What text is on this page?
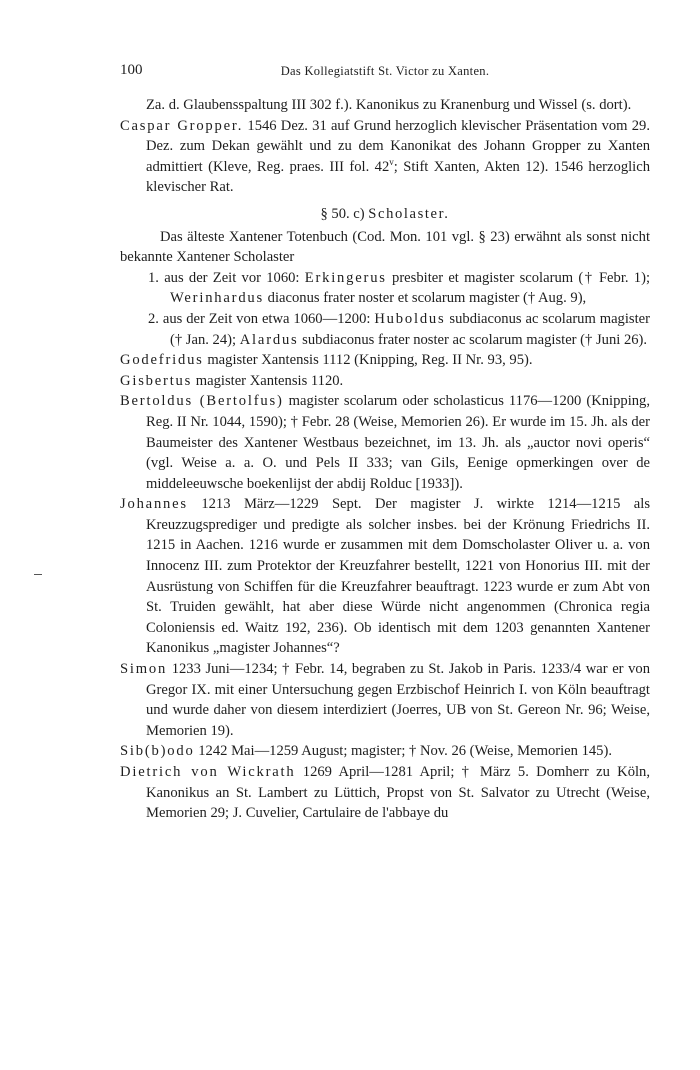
100	Das Kollegiatstift St. Victor zu Xanten.

Za. d. Glaubensspaltung III 302 f.). Kanonikus zu Kranenburg und Wissel (s. dort).

Caspar Gropper. 1546 Dez. 31 auf Grund herzoglich klevischer Präsentation vom 29. Dez. zum Dekan gewählt und zu dem Kanonikat des Johann Gropper zu Xanten admittiert (Kleve, Reg. praes. III fol. 42$^v$; Stift Xanten, Akten 12). 1546 herzoglich klevischer Rat.

§ 50. c) Scholaster.

Das älteste Xantener Totenbuch (Cod. Mon. 101 vgl. § 23) erwähnt als sonst nicht bekannte Xantener Scholaster

1. aus der Zeit vor 1060: Erkingerus presbiter et magister scolarum († Febr. 1); Werinhardus diaconus frater noster et scolarum magister († Aug. 9),

2. aus der Zeit von etwa 1060—1200: Huboldus subdiaconus ac scolarum magister († Jan. 24); Alardus subdiaconus frater noster ac scolarum magister († Juni 26).

Godefridus magister Xantensis 1112 (Knipping, Reg. II Nr. 93, 95).

Gisbertus magister Xantensis 1120.

Bertoldus (Bertolfus) magister scolarum oder scholasticus 1176—1200 (Knipping, Reg. II Nr. 1044, 1590); † Febr. 28 (Weise, Memorien 26). Er wurde im 15. Jh. als der Baumeister des Xantener Westbaus bezeichnet, im 13. Jh. als „auctor novi operis“ (vgl. Weise a. a. O. und Pels II 333; van Gils, Eenige opmerkingen over de middeleeuwsche boekenlijst der abdij Rolduc [1933]).

Johannes 1213 März—1229 Sept. Der magister J. wirkte 1214—1215 als Kreuzzugsprediger und predigte als solcher insbes. bei der Krönung Friedrichs II. 1215 in Aachen. 1216 wurde er zusammen mit dem Domscholaster Oliver u. a. von Innocenz III. zum Protektor der Kreuzfahrer bestellt, 1221 von Honorius III. mit der Ausrüstung von Schiffen für die Kreuzfahrer beauftragt. 1223 wurde er zum Abt von St. Truiden gewählt, hat aber diese Würde nicht angenommen (Chronica regia Coloniensis ed. Waitz 192, 236). Ob identisch mit dem 1203 genannten Xantener Kanonikus „magister Johannes“?

Simon 1233 Juni—1234; † Febr. 14, begraben zu St. Jakob in Paris. 1233/4 war er von Gregor IX. mit einer Untersuchung gegen Erzbischof Heinrich I. von Köln beauftragt und wurde daher von diesem interdiziert (Joerres, UB von St. Gereon Nr. 96; Weise, Memorien 19).

Sib(b)odo 1242 Mai—1259 August; magister; † Nov. 26 (Weise, Memorien 145).

Dietrich von Wickrath 1269 April—1281 April; † März 5. Domherr zu Köln, Kanonikus an St. Lambert zu Lüttich, Propst von St. Salvator zu Utrecht (Weise, Memorien 29; J. Cuvelier, Cartulaire de l'abbaye du
